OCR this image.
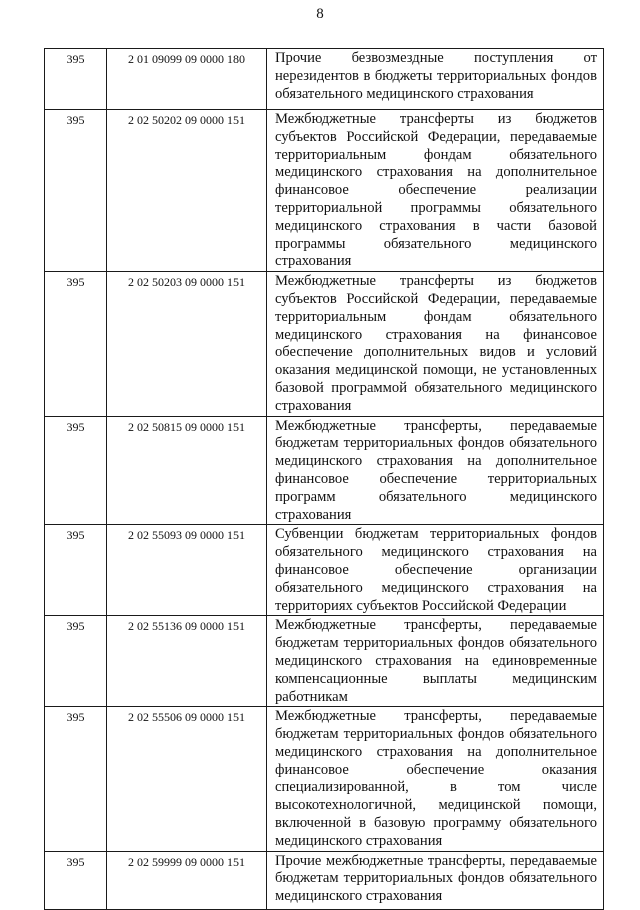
8
395	2 01 09099 09 0000 180	Прочие безвозмездные поступления от нерезидентов в бюджеты территориальных фондов обязательного медицинского страхования

395	2 02 50202 09 0000 151	Межбюджетные трансферты из бюджетов субъектов Российской Федерации, передаваемые территориальным фондам обязательного медицинского страхования на дополнительное финансовое обеспечение реализации территориальной программы обязательного медицинского страхования в части базовой программы обязательного медицинского страхования

395	2 02 50203 09 0000 151	Межбюджетные трансферты из бюджетов субъектов Российской Федерации, передаваемые территориальным фондам обязательного медицинского страхования на финансовое обеспечение дополнительных видов и условий оказания медицинской помощи, не установленных базовой программой обязательного медицинского страхования

395	2 02 50815 09 0000 151	Межбюджетные трансферты, передаваемые бюджетам территориальных фондов обязательного медицинского страхования на дополнительное финансовое обеспечение территориальных программ обязательного медицинского страхования

395	2 02 55093 09 0000 151	Субвенции бюджетам территориальных фондов обязательного медицинского страхования на финансовое обеспечение организации обязательного медицинского страхования на территориях субъектов Российской Федерации

395	2 02 55136 09 0000 151	Межбюджетные трансферты, передаваемые бюджетам территориальных фондов обязательного медицинского страхования на единовременные компенсационные выплаты медицинским работникам

395	2 02 55506 09 0000 151	Межбюджетные трансферты, передаваемые бюджетам территориальных фондов обязательного медицинского страхования на дополнительное финансовое обеспечение оказания специализированной, в том числе высокотехнологичной, медицинской помощи, включенной в базовую программу обязательного медицинского страхования

395	2 02 59999 09 0000 151	Прочие межбюджетные трансферты, передаваемые бюджетам территориальных фондов обязательного медицинского страхования
